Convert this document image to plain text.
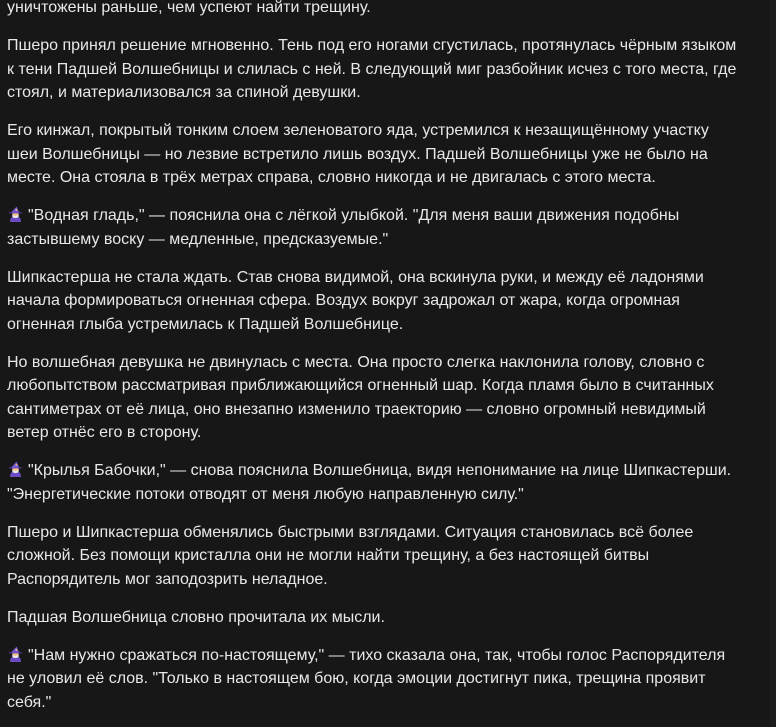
уничтожены раньше, чем успеют найти трещину.

Пшеро принял решение мгновенно. Тень под его ногами сгустилась, протянулась чёрным языком к тени Падшей Волшебницы и слилась с ней. В следующий миг разбойник исчез с того места, где стоял, и материализовался за спиной девушки.

Его кинжал, покрытый тонким слоем зеленоватого яда, устремился к незащищённому участку шеи Волшебницы — но лезвие встретило лишь воздух. Падшей Волшебницы уже не было на месте. Она стояла в трёх метрах справа, словно никогда и не двигалась с этого места.

"Водная гладь," — пояснила она с лёгкой улыбкой. "Для меня ваши движения подобны застывшему воску — медленные, предсказуемые."

Шипкастерша не стала ждать. Став снова видимой, она вскинула руки, и между её ладонями начала формироваться огненная сфера. Воздух вокруг задрожал от жара, когда огромная огненная глыба устремилась к Падшей Волшебнице.

Но волшебная девушка не двинулась с места. Она просто слегка наклонила голову, словно с любопытством рассматривая приближающийся огненный шар. Когда пламя было в считанных сантиметрах от её лица, оно внезапно изменило траекторию — словно огромный невидимый ветер отнёс его в сторону.

"Крылья Бабочки," — снова пояснила Волшебница, видя непонимание на лице Шипкастерши. "Энергетические потоки отводят от меня любую направленную силу."

Пшеро и Шипкастерша обменялись быстрыми взглядами. Ситуация становилась всё более сложной. Без помощи кристалла они не могли найти трещину, а без настоящей битвы Распорядитель мог заподозрить неладное.

Падшая Волшебница словно прочитала их мысли.

"Нам нужно сражаться по-настоящему," — тихо сказала она, так, чтобы голос Распорядителя не уловил её слов. "Только в настоящем бою, когда эмоции достигнут пика, трещина проявит себя."
